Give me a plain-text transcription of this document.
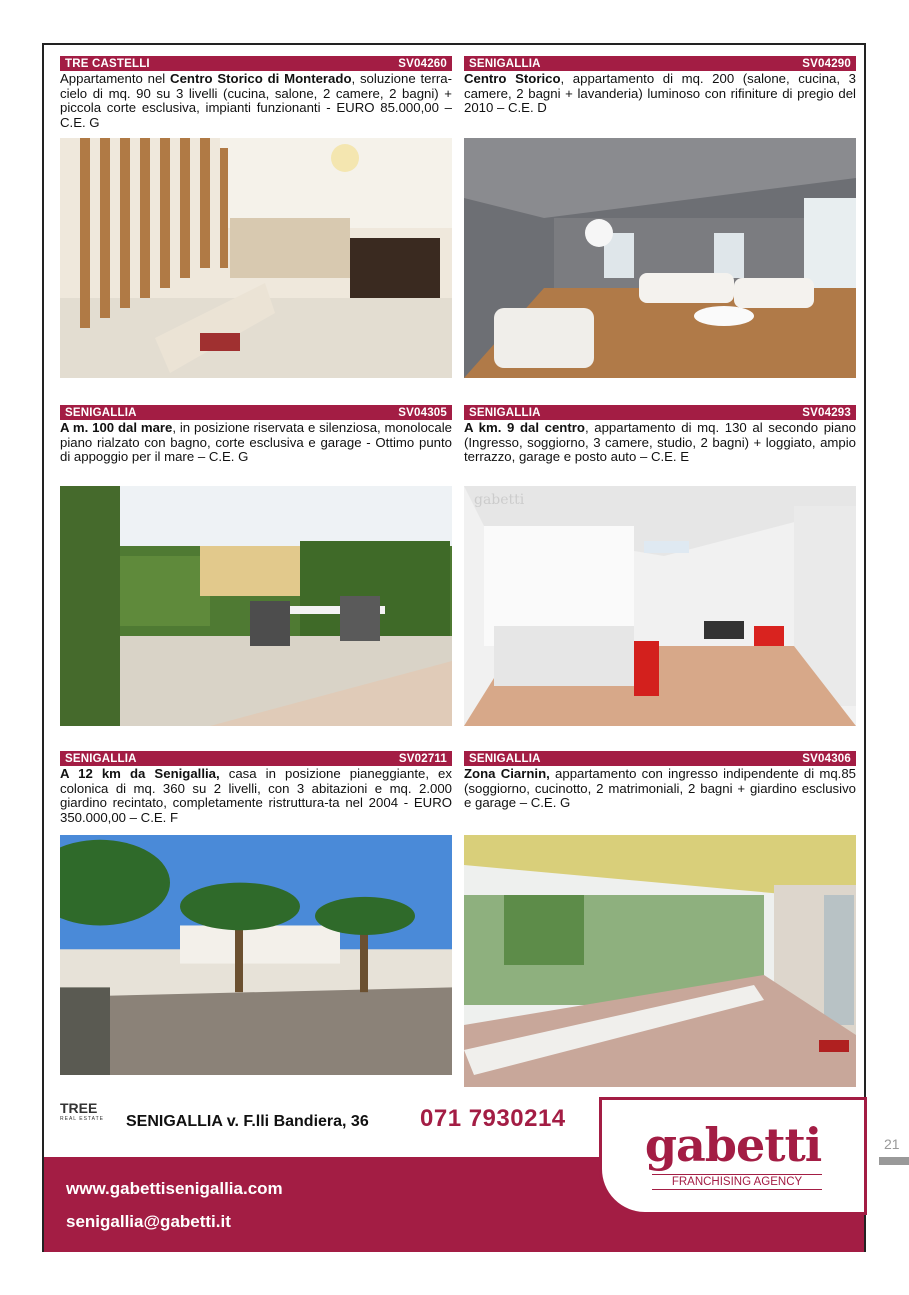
TRE CASTELLI	SV04260
Appartamento nel Centro Storico di Monterado, soluzione terra-cielo di mq. 90 su 3 livelli (cucina, salone, 2 camere, 2 bagni) + piccola corte esclusiva, impianti funzionanti - EURO 85.000,00 – C.E. G
SENIGALLIA	SV04290
Centro Storico, appartamento di mq. 200 (salone, cucina, 3 camere, 2 bagni + lavanderia) luminoso con rifiniture di pregio del 2010 – C.E. D
SENIGALLIA	SV04305
A m. 100 dal mare, in posizione riservata e silenziosa, monolocale piano rialzato con bagno, corte esclusiva e garage - Ottimo punto di appoggio per il mare – C.E. G
SENIGALLIA	SV04293
A km. 9 dal centro, appartamento di mq. 130 al secondo piano (Ingresso, soggiorno, 3 camere, studio, 2 bagni) + loggiato, ampio terrazzo, garage e posto auto – C.E. E
gabetti
SENIGALLIA	SV02711
A 12 km da Senigallia, casa in posizione pianeggiante, ex colonica di mq. 360 su 2 livelli, con 3 abitazioni e mq. 2.000 giardino recintato, completamente ristruttura-ta nel 2004 - EURO 350.000,00 – C.E. F
SENIGALLIA	SV04306
Zona Ciarnin, appartamento con ingresso indipendente di mq.85 (soggiorno, cucinotto, 2 matrimoniali, 2 bagni + giardino esclusivo e garage – C.E. G
TREE
REAL ESTATE SENIGALLIA v. F.lli Bandiera, 36 071 7930214
www.gabettisenigallia.com
senigallia@gabetti.it
gabetti
FRANCHISING AGENCY
21
